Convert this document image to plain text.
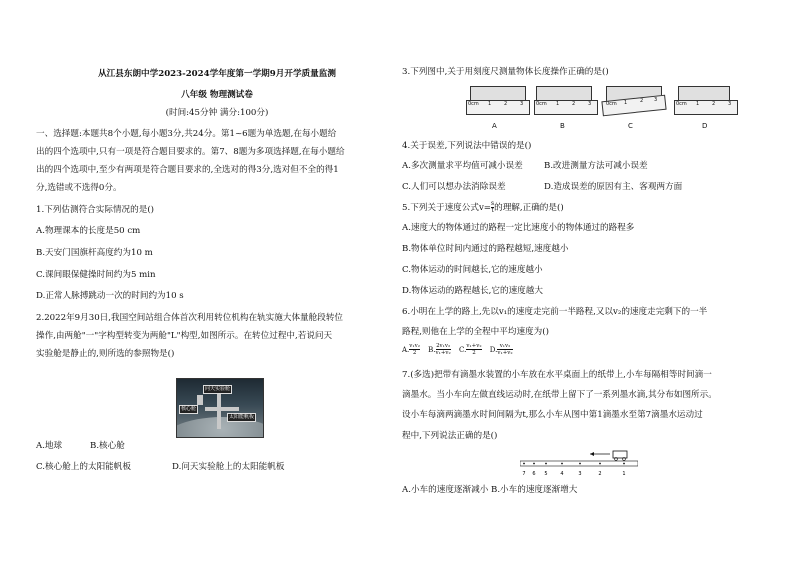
从江县东朗中学2023-2024学年度第一学期9月开学质量监测
八年级 物理测试卷
(时间:45分钟 满分:100分)
一、选择题:本题共8个小题,每小题3分,共24分。第1~6题为单选题,在每小题给
出的四个选项中,只有一项是符合题目要求的。第7、8题为多项选择题,在每小题给
出的四个选项中,至少有两项是符合题目要求的,全选对的得3分,选对但不全的得1
分,选错或不选得0分。
1.下列估测符合实际情况的是()
A.物理课本的长度是50 cm
B.天安门国旗杆高度约为10 m
C.课间眼保健操时间约为5 min
D.正常人脉搏跳动一次的时间约为10 s
2.2022年9月30日,我国空间站组合体首次利用转位机构在轨实施大体量舱段转位
操作,由两舱"一"字构型转变为两舱"L"构型,如图所示。在转位过程中,若说问天
实验舱是静止的,则所选的参照物是()
问天实验舱
核心舱
太阳能帆板
A.地球	B.核心舱
C.核心舱上的太阳能帆板	D.问天实验舱上的太阳能帆板
3.下列图中,关于用刻度尺测量物体长度操作正确的是()
0cm 1	2	3
A
0cm 1	2	3
B
0cm 1	2 3
C
0cm 1	2	3
D
4.关于误差,下列说法中错误的是()
A.多次测量求平均值可减小误差 B.改进测量方法可减小误差
C.人们可以想办法消除误差	D.造成误差的原因有主、客观两方面
5.下列关于速度公式$v= \frac{s}{t}$ 的理解,正确的是()
A.速度大的物体通过的路程一定比速度小的物体通过的路程多
B.物体单位时间内通过的路程越短,速度越小
C.物体运动的时间越长,它的速度越小
D.物体运动的路程越长,它的速度越大
6.小明在上学的路上,先以v₁的速度走完前一半路程,又以v₂的速度走完剩下的一半
路程,则他在上学的全程中平均速度为()
A. $\frac{\text{v₁v₂}}{2} B$. $\frac{\text{2v₁v₂}}{\text{v₁+v₂}} C$. $\frac{\text{v₁+v₂}}{2} D$. $\frac{\text{v₁v₂}}{\text{v₁+v₂}}$
7.(多选)把带有滴墨水装置的小车放在水平桌面上的纸带上,小车每隔相等时间滴一
滴墨水。当小车向左做直线运动时,在纸带上留下了一系列墨水滴,其分布如图所示。
设小车每滴两滴墨水时间间隔为t,那么小车从图中第1滴墨水至第7滴墨水运动过
程中,下列说法正确的是()
7 6 5	4	3	2	1
A.小车的速度逐渐减小 B.小车的速度逐渐增大
